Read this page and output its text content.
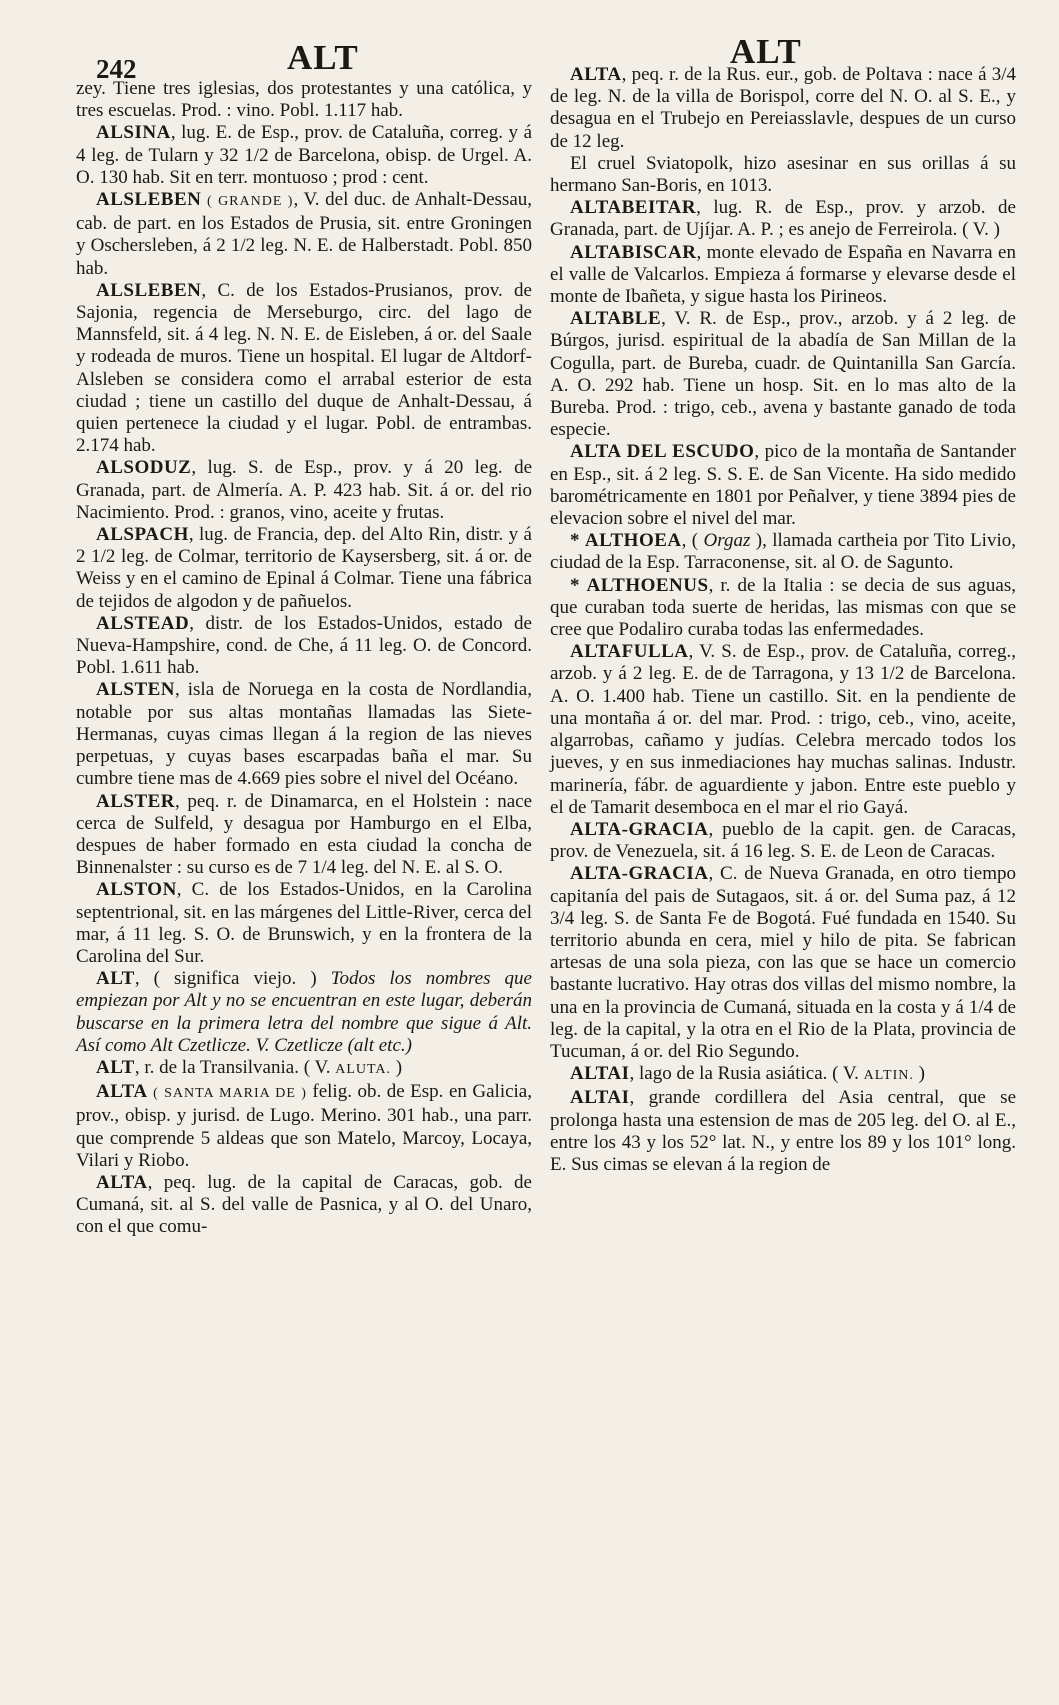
242	ALT	ALT

zey. Tiene tres iglesias, dos protestantes y una católica, y tres escuelas. Prod. : vino. Pobl. 1.117 hab.

ALSINA, lug. E. de Esp., prov. de Cataluña, correg. y á 4 leg. de Tularn y 32 1/2 de Barcelona, obisp. de Urgel. A. O. 130 hab. Sit en terr. montuoso ; prod : cent.

ALSLEBEN ( GRANDE ), V. del duc. de Anhalt-Dessau, cab. de part. en los Estados de Prusia, sit. entre Groningen y Oschersleben, á 2 1/2 leg. N. E. de Halberstadt. Pobl. 850 hab.

ALSLEBEN, C. de los Estados-Prusianos, prov. de Sajonia, regencia de Merseburgo, circ. del lago de Mannsfeld, sit. á 4 leg. N. N. E. de Eisleben, á or. del Saale y rodeada de muros. Tiene un hospital. El lugar de Altdorf-Alsleben se considera como el arrabal esterior de esta ciudad ; tiene un castillo del duque de Anhalt-Dessau, á quien pertenece la ciudad y el lugar. Pobl. de entrambas. 2.174 hab.

ALSODUZ, lug. S. de Esp., prov. y á 20 leg. de Granada, part. de Almería. A. P. 423 hab. Sit. á or. del rio Nacimiento. Prod. : granos, vino, aceite y frutas.

ALSPACH, lug. de Francia, dep. del Alto Rin, distr. y á 2 1/2 leg. de Colmar, territorio de Kaysersberg, sit. á or. de Weiss y en el camino de Epinal á Colmar. Tiene una fábrica de tejidos de algodon y de pañuelos.

ALSTEAD, distr. de los Estados-Unidos, estado de Nueva-Hampshire, cond. de Che, á 11 leg. O. de Concord. Pobl. 1.611 hab.

ALSTEN, isla de Noruega en la costa de Nordlandia, notable por sus altas montañas llamadas las Siete-Hermanas, cuyas cimas llegan á la region de las nieves perpetuas, y cuyas bases escarpadas baña el mar. Su cumbre tiene mas de 4.669 pies sobre el nivel del Océano.

ALSTER, peq. r. de Dinamarca, en el Holstein : nace cerca de Sulfeld, y desagua por Hamburgo en el Elba, despues de haber formado en esta ciudad la concha de Binnenalster : su curso es de 7 1/4 leg. del N. E. al S. O.

ALSTON, C. de los Estados-Unidos, en la Carolina septentrional, sit. en las márgenes del Little-River, cerca del mar, á 11 leg. S. O. de Brunswich, y en la frontera de la Carolina del Sur.

ALT, ( significa viejo. ) Todos los nombres que empiezan por Alt y no se encuentran en este lugar, deberán buscarse en la primera letra del nombre que sigue á Alt. Así como Alt Czetlicze. V. Czetlicze (alt etc.)

ALT, r. de la Transilvania. ( V. ALUTA. )

ALTA ( SANTA MARIA DE ) felig. ob. de Esp. en Galicia, prov., obisp. y jurisd. de Lugo. Merino. 301 hab., una parr. que comprende 5 aldeas que son Matelo, Marcoy, Locaya, Vilari y Riobo.

ALTA, peq. lug. de la capital de Caracas, gob. de Cumaná, sit. al S. del valle de Pasnica, y al O. del Unaro, con el que comu-

ALTA, peq. r. de la Rus. eur., gob. de Poltava : nace á 3/4 de leg. N. de la villa de Borispol, corre del N. O. al S. E., y desagua en el Trubejo en Pereiasslavle, despues de un curso de 12 leg.

El cruel Sviatopolk, hizo asesinar en sus orillas á su hermano San-Boris, en 1013.

ALTABEITAR, lug. R. de Esp., prov. y arzob. de Granada, part. de Ujíjar. A. P. ; es anejo de Ferreirola. ( V. )

ALTABISCAR, monte elevado de España en Navarra en el valle de Valcarlos. Empieza á formarse y elevarse desde el monte de Ibañeta, y sigue hasta los Pirineos.

ALTABLE, V. R. de Esp., prov., arzob. y á 2 leg. de Búrgos, jurisd. espiritual de la abadía de San Millan de la Cogulla, part. de Bureba, cuadr. de Quintanilla San García. A. O. 292 hab. Tiene un hosp. Sit. en lo mas alto de la Bureba. Prod. : trigo, ceb., avena y bastante ganado de toda especie.

ALTA DEL ESCUDO, pico de la montaña de Santander en Esp., sit. á 2 leg. S. S. E. de San Vicente. Ha sido medido barométricamente en 1801 por Peñalver, y tiene 3894 pies de elevacion sobre el nivel del mar.

* ALTHOEA, ( Orgaz ), llamada cartheia por Tito Livio, ciudad de la Esp. Tarraconense, sit. al O. de Sagunto.

* ALTHOENUS, r. de la Italia : se decia de sus aguas, que curaban toda suerte de heridas, las mismas con que se cree que Podaliro curaba todas las enfermedades.

ALTAFULLA, V. S. de Esp., prov. de Cataluña, correg., arzob. y á 2 leg. E. de de Tarragona, y 13 1/2 de Barcelona. A. O. 1.400 hab. Tiene un castillo. Sit. en la pendiente de una montaña á or. del mar. Prod. : trigo, ceb., vino, aceite, algarrobas, cañamo y judías. Celebra mercado todos los jueves, y en sus inmediaciones hay muchas salinas. Industr. marinería, fábr. de aguardiente y jabon. Entre este pueblo y el de Tamarit desemboca en el mar el rio Gayá.

ALTA-GRACIA, pueblo de la capit. gen. de Caracas, prov. de Venezuela, sit. á 16 leg. S. E. de Leon de Caracas.

ALTA-GRACIA, C. de Nueva Granada, en otro tiempo capitanía del pais de Sutagaos, sit. á or. del Suma paz, á 12 3/4 leg. S. de Santa Fe de Bogotá. Fué fundada en 1540. Su territorio abunda en cera, miel y hilo de pita. Se fabrican artesas de una sola pieza, con las que se hace un comercio bastante lucrativo. Hay otras dos villas del mismo nombre, la una en la provincia de Cumaná, situada en la costa y á 1/4 de leg. de la capital, y la otra en el Rio de la Plata, provincia de Tucuman, á or. del Rio Segundo.

ALTAI, lago de la Rusia asiática. ( V. ALTIN. )

ALTAI, grande cordillera del Asia central, que se prolonga hasta una estension de mas de 205 leg. del O. al E., entre los 43 y los 52° lat. N., y entre los 89 y los 101° long. E. Sus cimas se elevan á la region de
